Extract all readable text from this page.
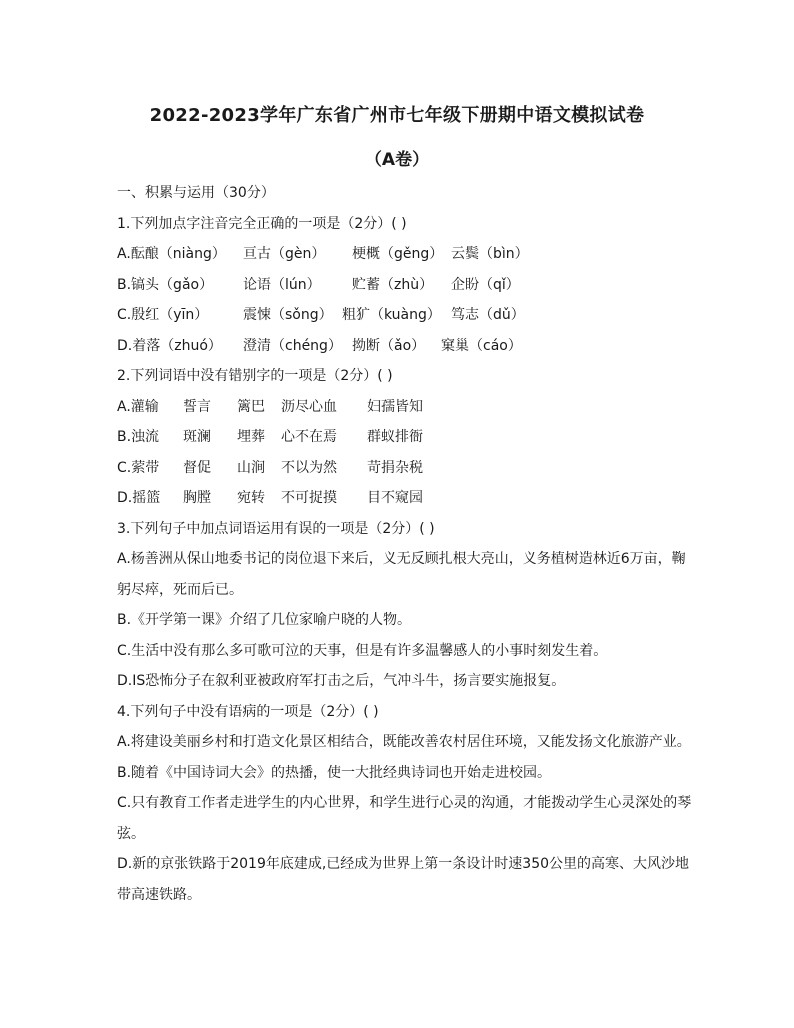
2022-2023学年广东省广州市七年级下册期中语文模拟试卷
（A卷）
一、积累与运用（30分）
1.下列加点字注音完全正确的一项是（2分）( )
A.酝酿（niàng）	亘古（gèn）	梗概（gěng） 云鬓（bìn）
B.镐头（gǎo）	论语（lún）	贮蓄（zhù）	企盼（qǐ）
C.殷红（yīn）	震悚（sǒng） 粗犷（kuàng） 笃志（dǔ）
D.着落（zhuó）	澄清（chéng） 拗断（ǎo）	窠巢（cáo）
2.下列词语中没有错别字的一项是（2分）( )
A.灌输	誓言	篱巴	沥尽心血	妇孺皆知
B.浊流	斑澜	埋葬	心不在焉	群蚁排衙
C.萦带	督促	山涧	不以为然	苛捐杂税
D.摇篮	胸膛	宛转	不可捉摸	目不窥园
3.下列句子中加点词语运用有误的一项是（2分）( )
A.杨善洲从保山地委书记的岗位退下来后，义无反顾扎根大亮山，义务植树造林近6万亩，鞠躬尽瘁，死而后已。
B.《开学第一课》介绍了几位家喻户晓的人物。
C.生活中没有那么多可歌可泣的天事，但是有许多温馨感人的小事时刻发生着。
D.IS恐怖分子在叙利亚被政府军打击之后，气冲斗牛，扬言要实施报复。
4.下列句子中没有语病的一项是（2分）( )
A.将建设美丽乡村和打造文化景区相结合，既能改善农村居住环境，又能发扬文化旅游产业。
B.随着《中国诗词大会》的热播，使一大批经典诗词也开始走进校园。
C.只有教育工作者走进学生的内心世界，和学生进行心灵的沟通，才能拨动学生心灵深处的琴弦。
D.新的京张铁路于2019年底建成,已经成为世界上第一条设计时速350公里的高寒、大风沙地带高速铁路。
